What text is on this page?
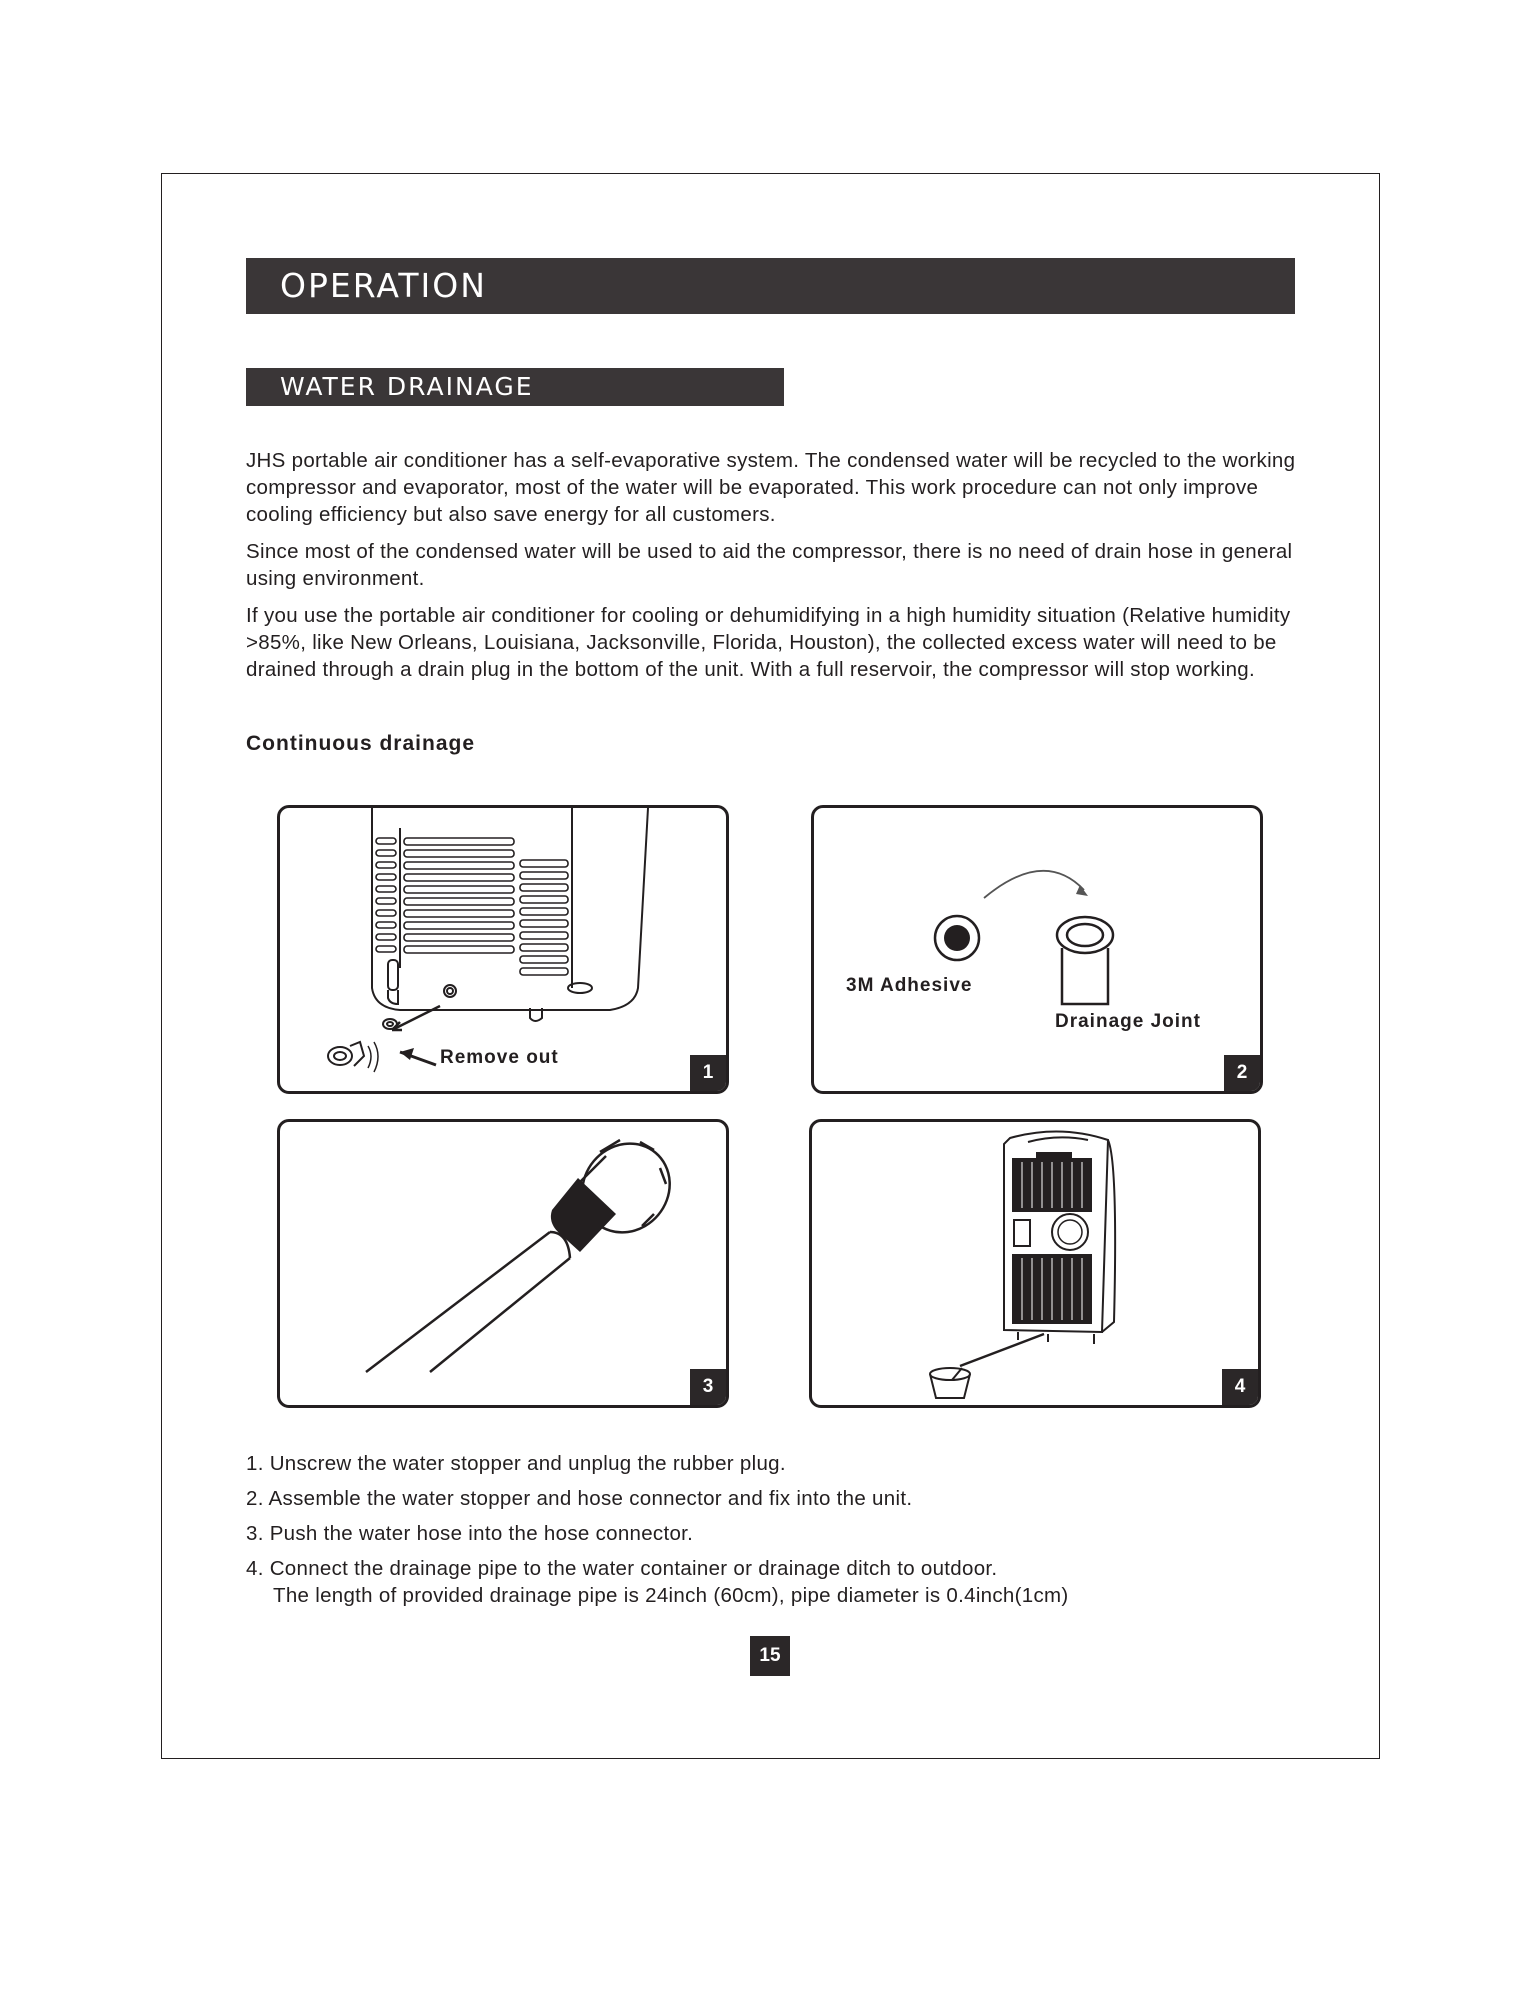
OPERATION
WATER DRAINAGE

JHS portable air conditioner has a self-evaporative system. The condensed water will be recycled to the working compressor and evaporator, most of the water will be evaporated. This work procedure can not only improve cooling efficiency but also save energy for all customers.

Since most of the condensed water will be used to aid the compressor, there is no need of drain hose in general using environment.

If you use the portable air conditioner for cooling or dehumidifying in a high humidity situation (Relative humidity >85%, like New Orleans, Louisiana, Jacksonville, Florida, Houston), the collected excess water will need to be drained through a drain plug in the bottom of the unit. With a full reservoir, the compressor will stop working.

Continuous drainage
Remove out
1
3M Adhesive
Drainage Joint
2
3	4
1. Unscrew the water stopper and unplug the rubber plug.
2. Assemble the water stopper and hose connector and fix into the unit.
3. Push the water hose into the hose connector.
4. Connect the drainage pipe to the water container or drainage ditch to outdoor.
The length of provided drainage pipe is 24inch (60cm), pipe diameter is 0.4inch(1cm)
15
